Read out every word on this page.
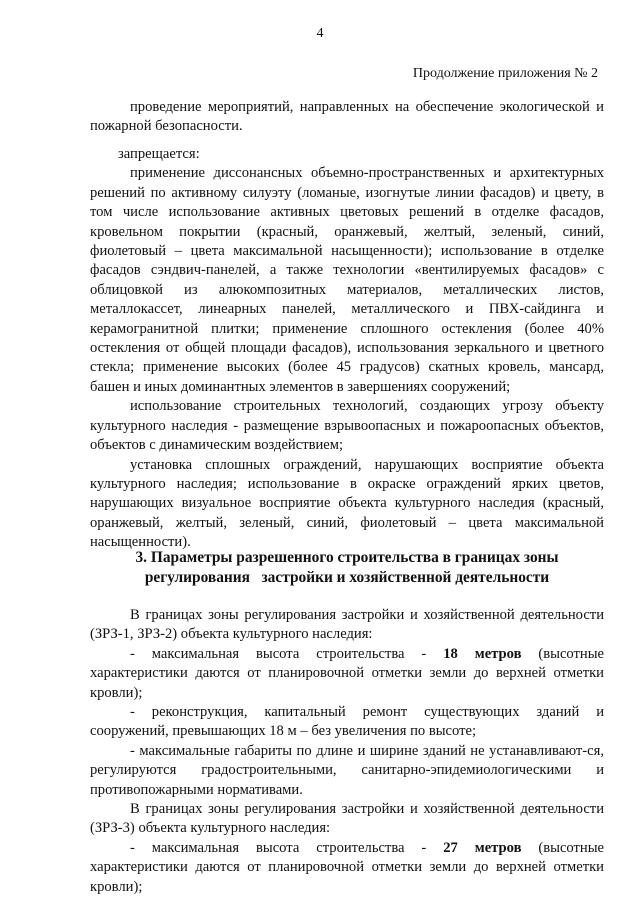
4
Продолжение приложения № 2

проведение мероприятий, направленных на обеспечение экологической и пожарной безопасности.

запрещается:

применение диссонансных объемно-пространственных и архитектурных решений по активному силуэту (ломаные, изогнутые линии фасадов) и цвету, в том числе использование активных цветовых решений в отделке фасадов, кровельном покрытии (красный, оранжевый, желтый, зеленый, синий, фиолетовый – цвета максимальной насыщенности); использование в отделке фасадов сэндвич-панелей, а также технологии «вентилируемых фасадов» с облицовкой из алюкомпозитных материалов, металлических листов, металлокассет, линеарных панелей, металлического и ПВХ-сайдинга и керамогранитной плитки; применение сплошного остекления (более 40% остекления от общей площади фасадов), использования зеркального и цветного стекла; применение высоких (более 45 градусов) скатных кровель, мансард, башен и иных доминантных элементов в завершениях сооружений;

использование строительных технологий, создающих угрозу объекту культурного наследия - размещение взрывоопасных и пожароопасных объектов, объектов с динамическим воздействием;

установка сплошных ограждений, нарушающих восприятие объекта культурного наследия; использование в окраске ограждений ярких цветов, нарушающих визуальное восприятие объекта культурного наследия (красный, оранжевый, желтый, зеленый, синий, фиолетовый – цвета максимальной насыщенности).

3. Параметры разрешенного строительства в границах зоны
регулирования   застройки и хозяйственной деятельности

В границах зоны регулирования застройки и хозяйственной деятельности (ЗРЗ-1, ЗРЗ-2) объекта культурного наследия:

- максимальная высота строительства - 18 метров (высотные характеристики даются от планировочной отметки земли до верхней отметки кровли);

- реконструкция, капитальный ремонт существующих зданий и сооружений, превышающих 18 м – без увеличения по высоте;

- максимальные габариты по длине и ширине зданий не устанавливают-ся, регулируются градостроительными, санитарно-эпидемиологическими и противопожарными нормативами.

В границах зоны регулирования застройки и хозяйственной деятельности (ЗРЗ-3) объекта культурного наследия:

- максимальная высота строительства - 27 метров (высотные характеристики даются от планировочной отметки земли до верхней отметки кровли);
